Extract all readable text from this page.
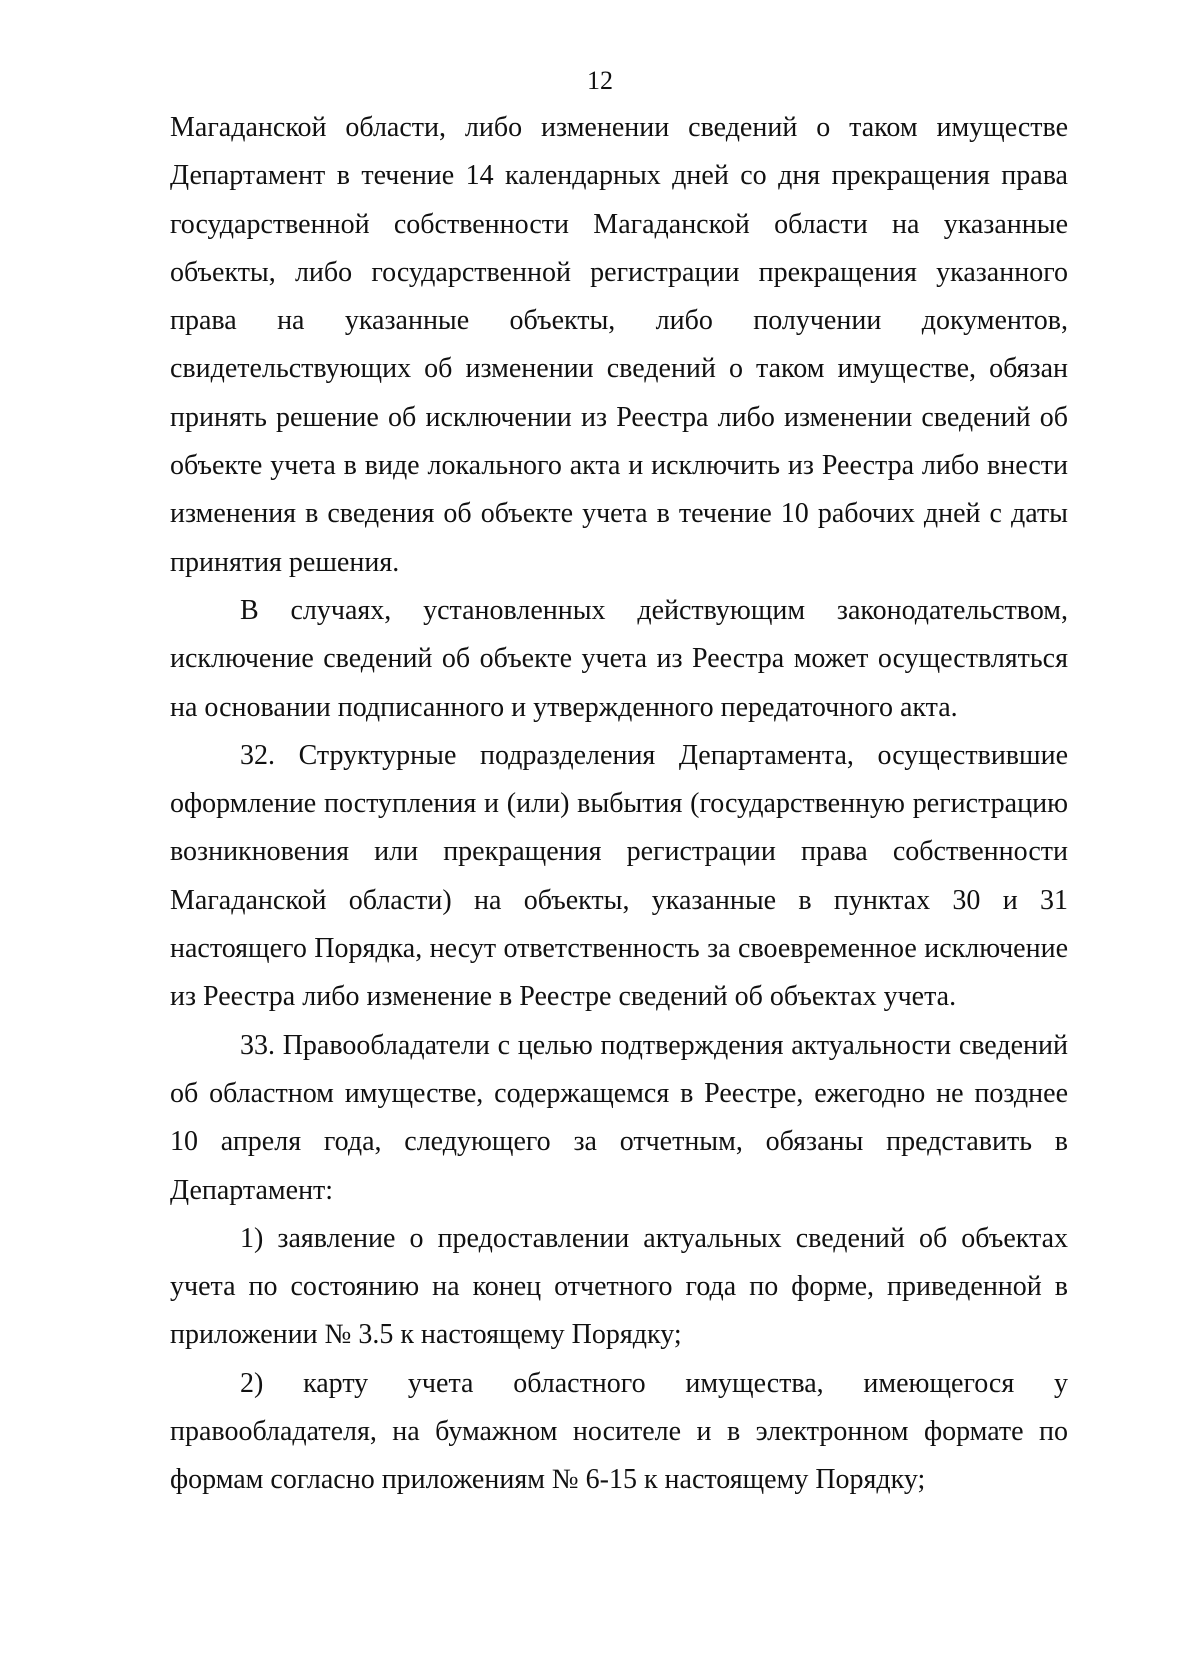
12

Магаданской области, либо изменении сведений о таком имуществе Департамент в течение 14 календарных дней со дня прекращения права государственной собственности Магаданской области на указанные объекты, либо государственной регистрации прекращения указанного права на указанные объекты, либо получении документов, свидетельствующих об изменении сведений о таком имуществе, обязан принять решение об исключении из Реестра либо изменении сведений об объекте учета в виде локального акта и исключить из Реестра либо внести изменения в сведения об объекте учета в течение 10 рабочих дней с даты принятия решения.

В случаях, установленных действующим законодательством, исключение сведений об объекте учета из Реестра может осуществляться на основании подписанного и утвержденного передаточного акта.

32. Структурные подразделения Департамента, осуществившие оформление поступления и (или) выбытия (государственную регистрацию возникновения или прекращения регистрации права собственности Магаданской области) на объекты, указанные в пунктах 30 и 31 настоящего Порядка, несут ответственность за своевременное исключение из Реестра либо изменение в Реестре сведений об объектах учета.

33. Правообладатели с целью подтверждения актуальности сведений об областном имуществе, содержащемся в Реестре, ежегодно не позднее 10 апреля года, следующего за отчетным, обязаны представить в Департамент:

1) заявление о предоставлении актуальных сведений об объектах учета по состоянию на конец отчетного года по форме, приведенной в приложении № 3.5 к настоящему Порядку;

2) карту учета областного имущества, имеющегося у правообладателя, на бумажном носителе и в электронном формате по формам согласно приложениям № 6-15 к настоящему Порядку;
